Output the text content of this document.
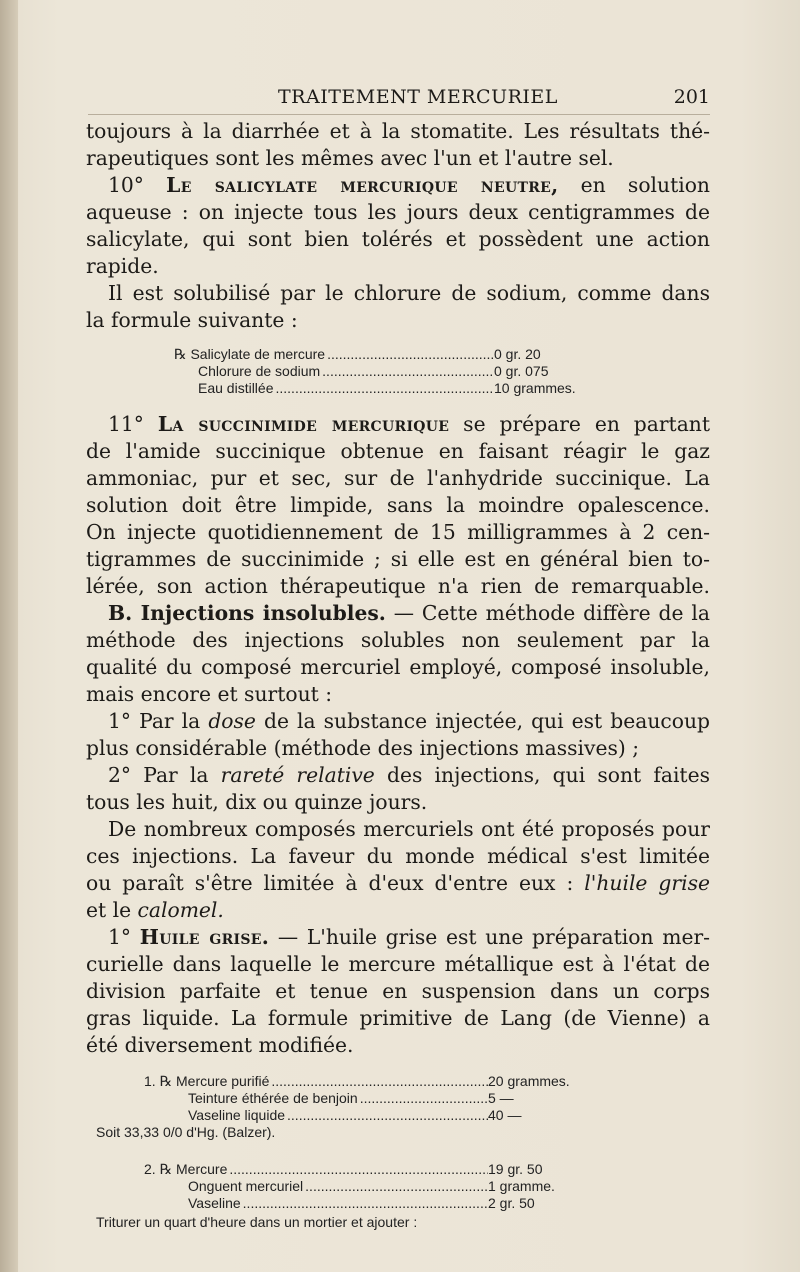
TRAITEMENT MERCURIEL	201
toujours à la diarrhée et à la stomatite. Les résultats thé-
rapeutiques sont les mêmes avec l'un et l'autre sel.
10° Le salicylate mercurique neutre, en solution
aqueuse : on injecte tous les jours deux centigrammes de
salicylate, qui sont bien tolérés et possèdent une action
rapide.
Il est solubilisé par le chlorure de sodium, comme dans
la formule suivante :
℞ Salicylate de mercure .....	0 gr. 20
Chlorure de sodium .....	0 gr. 075
Eau distillée .....	10 grammes.
11° La succinimide mercurique se prépare en partant
de l'amide succinique obtenue en faisant réagir le gaz
ammoniac, pur et sec, sur de l'anhydride succinique. La
solution doit être limpide, sans la moindre opalescence.
On injecte quotidiennement de 15 milligrammes à 2 cen-
tigrammes de succinimide ; si elle est en général bien to-
lérée, son action thérapeutique n'a rien de remarquable.
B. Injections insolubles. — Cette méthode diffère de la
méthode des injections solubles non seulement par la
qualité du composé mercuriel employé, composé insoluble,
mais encore et surtout :
1° Par la dose de la substance injectée, qui est beaucoup
plus considérable (méthode des injections massives) ;
2° Par la rareté relative des injections, qui sont faites
tous les huit, dix ou quinze jours.
De nombreux composés mercuriels ont été proposés pour
ces injections. La faveur du monde médical s'est limitée
ou paraît s'être limitée à d'eux d'entre eux : l'huile grise
et le calomel.
1° Huile grise. — L'huile grise est une préparation mer-
curielle dans laquelle le mercure métallique est à l'état de
division parfaite et tenue en suspension dans un corps
gras liquide. La formule primitive de Lang (de Vienne) a
été diversement modifiée.
1. ℞ Mercure purifié .....	20 grammes.
Teinture éthérée de benjoin .....	5 —
Vaseline liquide .....	40 —
Soit 33,33 0/0 d'Hg. (Balzer).
2. ℞ Mercure .....	19 gr. 50
Onguent mercuriel .....	1 gramme.
Vaseline .....	2 gr. 50
Triturer un quart d'heure dans un mortier et ajouter :
